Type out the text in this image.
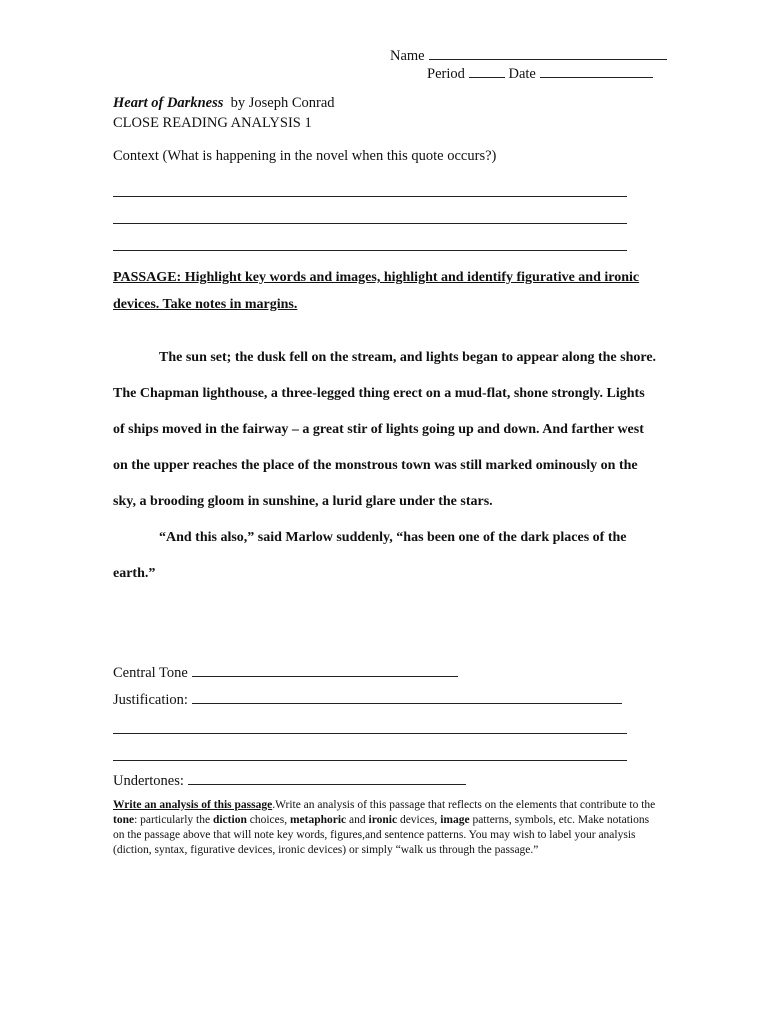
Name
Period	Date
Heart of Darkness by Joseph Conrad
CLOSE READING ANALYSIS 1
Context (What is happening in the novel when this quote occurs?)
PASSAGE: Highlight key words and images, highlight and identify figurative and ironic devices. Take notes in margins.

The sun set; the dusk fell on the stream, and lights began to appear along the shore. The Chapman lighthouse, a three-legged thing erect on a mud-flat, shone strongly. Lights of ships moved in the fairway – a great stir of lights going up and down. And farther west on the upper reaches the place of the monstrous town was still marked ominously on the sky, a brooding gloom in sunshine, a lurid glare under the stars.

“And this also,” said Marlow suddenly, “has been one of the dark places of the earth.”

Central Tone
Justification:
Undertones:
Write an analysis of this passage.Write an analysis of this passage that reflects on the elements that contribute to the tone: particularly the diction choices, metaphoric and ironic devices, image patterns, symbols, etc. Make notations on the passage above that will note key words, figures,and sentence patterns. You may wish to label your analysis (diction, syntax, figurative devices, ironic devices) or simply “walk us through the passage.”
